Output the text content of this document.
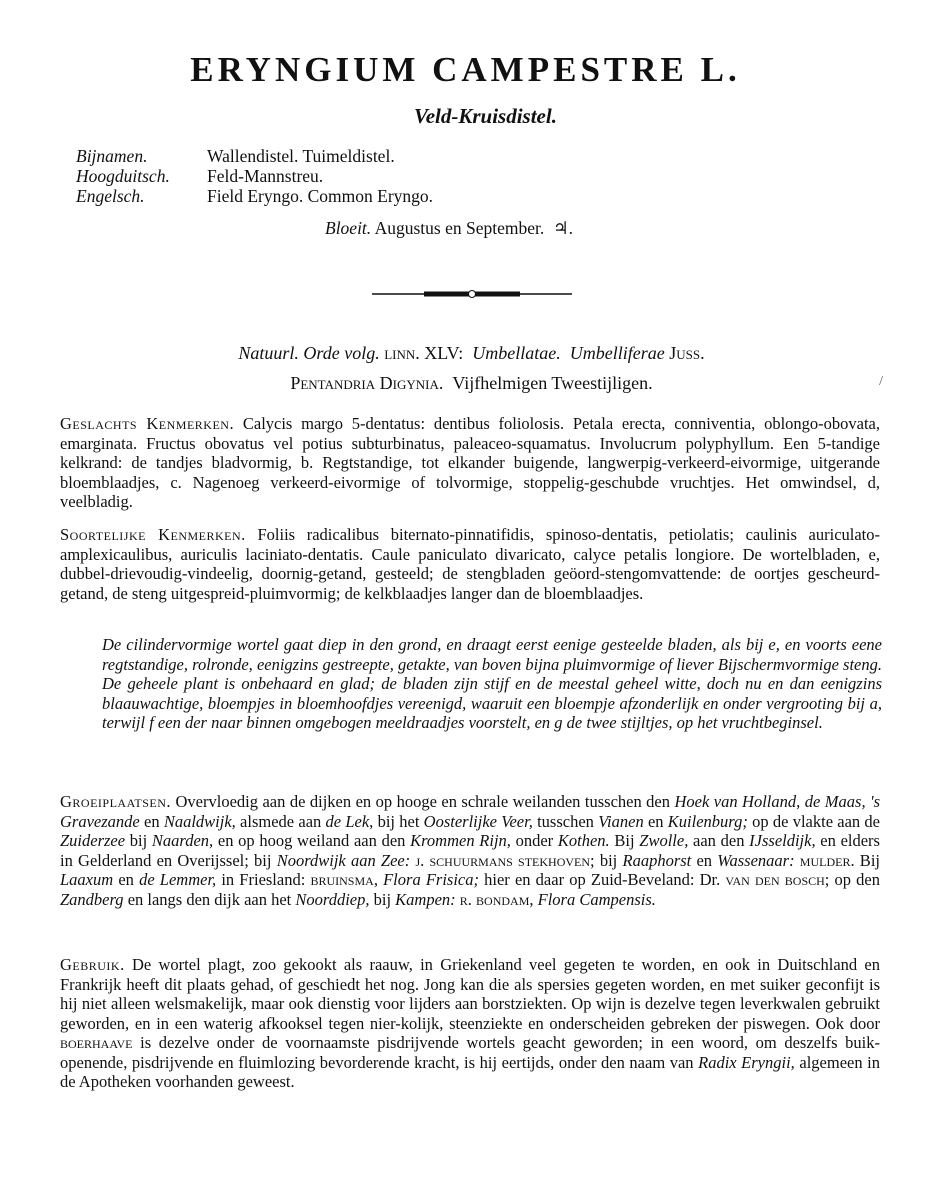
ERYNGIUM CAMPESTRE L.
Veld-Kruisdistel.
Bijnamen.	Wallendistel. Tuimeldistel.
Hoogduitsch.	Feld-Mannstreu.
Engelsch.	Field Eryngo. Common Eryngo.
Bloeit. Augustus en September. ♃.
Natuurl. Orde volg. linn. XLV: Umbellatae. Umbelliferae Juss.
Pentandria Digynia. Vijfhelmigen Tweestijligen.	/
Geslachts Kenmerken. Calycis margo 5-dentatus: dentibus foliolosis. Petala erecta, conniventia, oblongo-obovata, emarginata. Fructus obovatus vel potius subturbinatus, paleaceo-squamatus. Involucrum polyphyllum. Een 5-tandige kelkrand: de tandjes bladvormig, b. Regtstandige, tot elkander buigende, langwerpig-verkeerd-eivormige, uitgerande bloemblaadjes, c. Nagenoeg verkeerd-eivormige of tolvormige, stoppelig-geschubde vruchtjes. Het omwindsel, d, veelbladig.
Soortelijke Kenmerken. Foliis radicalibus biternato-pinnatifidis, spinoso-dentatis, petiolatis; caulinis auriculato-amplexicaulibus, auriculis laciniato-dentatis. Caule paniculato divaricato, calyce petalis longiore. De wortelbladen, e, dubbel-drievoudig-vindeelig, doornig-getand, gesteeld; de stengbladen geöord-stengomvattende: de oortjes gescheurd-getand, de steng uitgespreid-pluimvormig; de kelkblaadjes langer dan de bloemblaadjes.
De cilindervormige wortel gaat diep in den grond, en draagt eerst eenige gesteelde bladen, als bij e, en voorts eene regtstandige, rolronde, eenigzins gestreepte, getakte, van boven bijna pluimvormige of liever Bijschermvormige steng. De geheele plant is onbehaard en glad; de bladen zijn stijf en de meestal geheel witte, doch nu en dan eenigzins blaauwachtige, bloempjes in bloemhoofdjes vereenigd, waaruit een bloempje afzonderlijk en onder vergrooting bij a, terwijl f een der naar binnen omgebogen meeldraadjes voorstelt, en g de twee stijltjes, op het vruchtbeginsel.
Groeiplaatsen. Overvloedig aan de dijken en op hooge en schrale weilanden tusschen den Hoek van Holland, de Maas, 's Gravezande en Naaldwijk, alsmede aan de Lek, bij het Oosterlijke Veer, tusschen Vianen en Kuilenburg; op de vlakte aan de Zuiderzee bij Naarden, en op hoog weiland aan den Krommen Rijn, onder Kothen. Bij Zwolle, aan den IJsseldijk, en elders in Gelderland en Overijssel; bij Noordwijk aan Zee: j. schuurmans stekhoven; bij Raaphorst en Wassenaar: mulder. Bij Laaxum en de Lemmer, in Friesland: bruinsma, Flora Frisica; hier en daar op Zuid-Beveland: Dr. van den bosch; op den Zandberg en langs den dijk aan het Noorddiep, bij Kampen: r. bondam, Flora Campensis.
Gebruik. De wortel plagt, zoo gekookt als raauw, in Griekenland veel gegeten te worden, en ook in Duitschland en Frankrijk heeft dit plaats gehad, of geschiedt het nog. Jong kan die als spersies gegeten worden, en met suiker geconfijt is hij niet alleen welsmakelijk, maar ook dienstig voor lijders aan borstziekten. Op wijn is dezelve tegen leverkwalen gebruikt geworden, en in een waterig afkooksel tegen nier-kolijk, steenziekte en onderscheiden gebreken der piswegen. Ook door boerhaave is dezelve onder de voornaamste pisdrijvende wortels geacht geworden; in een woord, om deszelfs buik-openende, pisdrijvende en fluimlozing bevorderende kracht, is hij eertijds, onder den naam van Radix Eryngii, algemeen in de Apotheken voorhanden geweest.
